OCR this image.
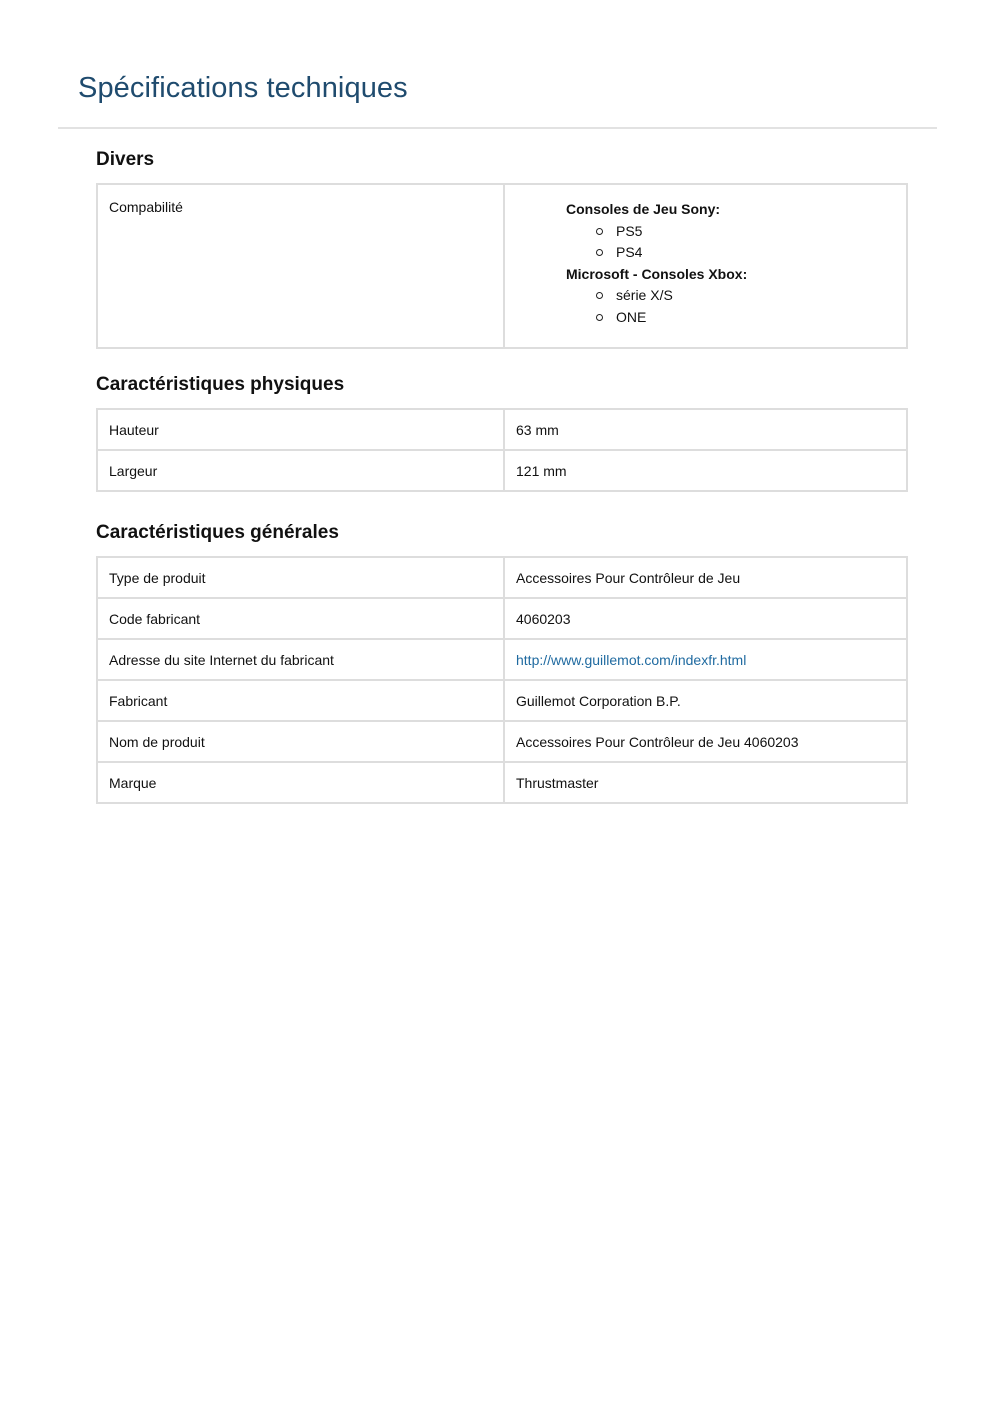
Spécifications techniques
Divers
Compabilité	Consoles de Jeu Sony:
PS5
PS4
Microsoft - Consoles Xbox:
série X/S
ONE
Caractéristiques physiques
Hauteur	63 mm
Largeur	121 mm
Caractéristiques générales
Type de produit	Accessoires Pour Contrôleur de Jeu
Code fabricant	4060203
Adresse du site Internet du fabricant	http://www.guillemot.com/indexfr.html
Fabricant	Guillemot Corporation B.P.
Nom de produit	Accessoires Pour Contrôleur de Jeu 4060203
Marque	Thrustmaster
